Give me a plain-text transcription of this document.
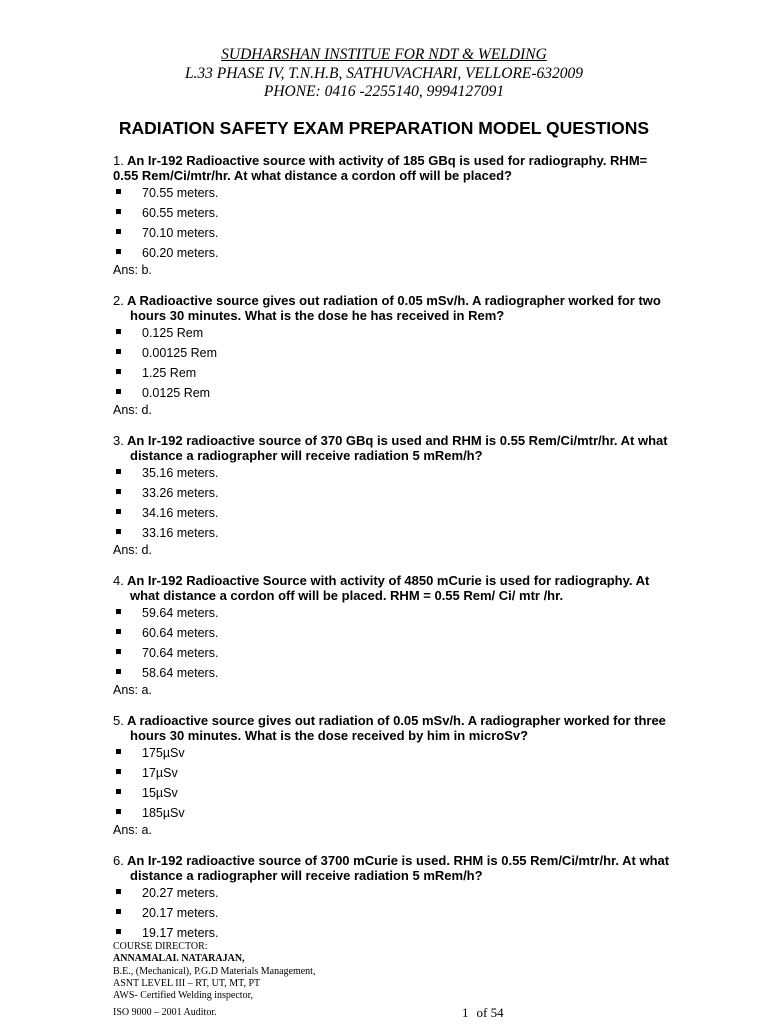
SUDHARSHAN INSTITUE FOR NDT & WELDING
L.33 PHASE IV, T.N.H.B, SATHUVACHARI, VELLORE-632009
PHONE: 0416 -2255140, 9994127091
RADIATION SAFETY EXAM PREPARATION MODEL QUESTIONS
1. An Ir-192 Radioactive source with activity of 185 GBq is used for radiography. RHM=
0.55 Rem/Ci/mtr/hr. At what distance a cordon off will be placed?
70.55 meters.
60.55 meters.
70.10 meters.
60.20 meters.
Ans: b.
2. A Radioactive source gives out radiation of 0.05 mSv/h. A radiographer worked for two
hours 30 minutes. What is the dose he has received in Rem?
0.125 Rem
0.00125 Rem
1.25 Rem
0.0125 Rem
Ans: d.
3. An Ir-192 radioactive source of 370 GBq is used and RHM is 0.55 Rem/Ci/mtr/hr. At what
distance a radiographer will receive radiation 5 mRem/h?
35.16 meters.
33.26 meters.
34.16 meters.
33.16 meters.
Ans: d.
4. An Ir-192 Radioactive Source with activity of 4850 mCurie is used for radiography. At
what distance a cordon off will be placed. RHM = 0.55 Rem/ Ci/ mtr /hr.
59.64 meters.
60.64 meters.
70.64 meters.
58.64 meters.
Ans: a.
5. A radioactive source gives out radiation of 0.05 mSv/h. A radiographer worked for three
hours 30 minutes. What is the dose received by him in microSv?
175µSv
17µSv
15µSv
185µSv
Ans: a.
6. An Ir-192 radioactive source of 3700 mCurie is used. RHM is 0.55 Rem/Ci/mtr/hr. At what
distance a radiographer will receive radiation 5 mRem/h?
20.27 meters.
20.17 meters.
19.17 meters.
COURSE DIRECTOR:
ANNAMALAI. NATARAJAN,
B.E., (Mechanical), P.G.D Materials Management,
ASNT LEVEL III – RT, UT, MT, PT
AWS- Certified Welding inspector,
ISO 9000 – 2001 Auditor.	1 of 54
